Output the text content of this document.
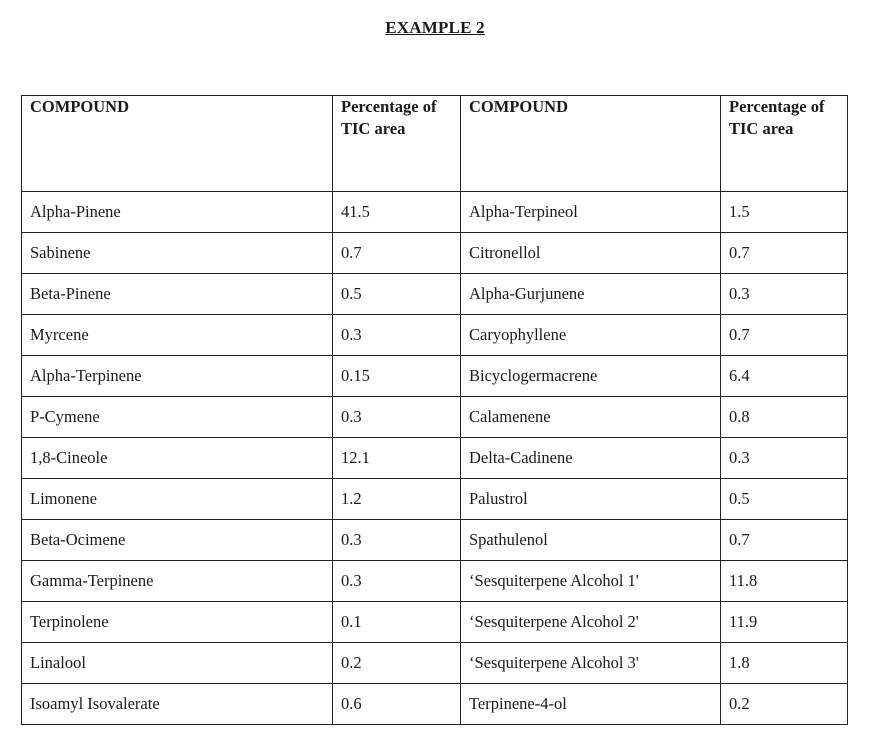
EXAMPLE 2
COMPOUND	Percentage of TIC area	COMPOUND	Percentage of TIC area
Alpha-Pinene	41.5	Alpha-Terpineol	1.5
Sabinene	0.7	Citronellol	0.7
Beta-Pinene	0.5	Alpha-Gurjunene	0.3
Myrcene	0.3	Caryophyllene	0.7
Alpha-Terpinene	0.15	Bicyclogermacrene	6.4
P-Cymene	0.3	Calamenene	0.8
1,8-Cineole	12.1	Delta-Cadinene	0.3
Limonene	1.2	Palustrol	0.5
Beta-Ocimene	0.3	Spathulenol	0.7
Gamma-Terpinene	0.3	‘Sesquiterpene Alcohol 1'	11.8
Terpinolene	0.1	‘Sesquiterpene Alcohol 2'	11.9
Linalool	0.2	‘Sesquiterpene Alcohol 3'	1.8
Isoamyl Isovalerate	0.6	Terpinene-4-ol	0.2
